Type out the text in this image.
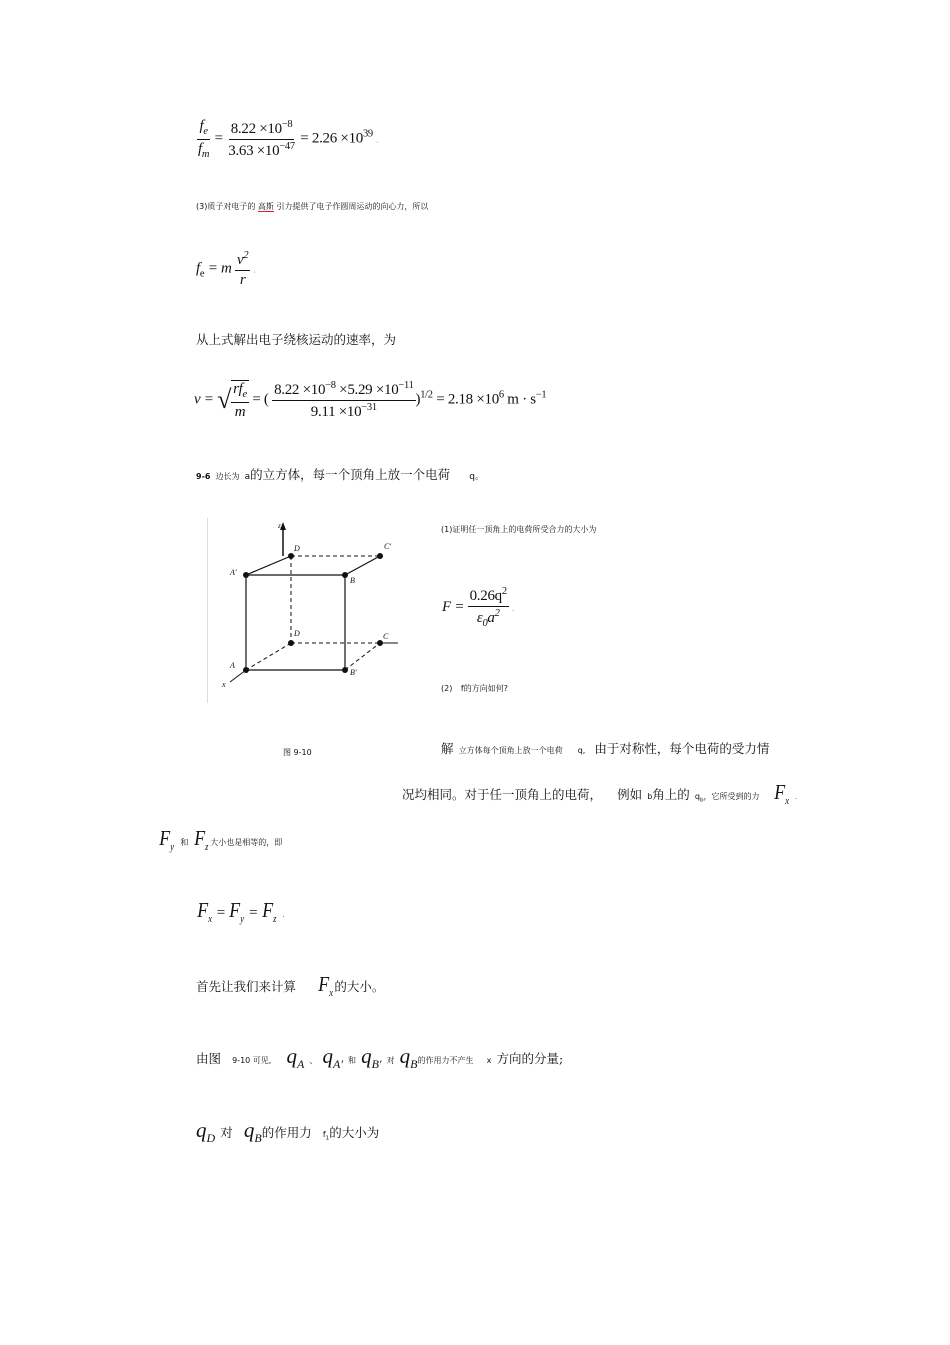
$\frac{f_e}{f_m} = \frac{8.22 \times 10^{-8}}{3.63 \times 10^{-47}} = 2.26 \times 10^{39}$ .
(3)质子对电子的 高斯 引力提供了电子作圆周运动的向心力，所以
$f_e = m \frac{v^2}{r}$ .
从上式解出电子绕核运动的速率，为
v = √ $\frac{rf_e}{m}$ = ( $\frac{8.22 \times 10^{-8} \times 5.29 \times 10^{-11}}{9.11 \times 10^{-31}} )^{1/2} = 2.18 \times 10^6$ $m \cdot s^{-1}$
9-6 边长为 a的立方体，每一个顶角上放一个电荷 q。
z
D	C'
A'
B
D	C
A
B'
x
图 9-10
(1)证明任一顶角上的电荷所受合力的大小为
$F = \frac{0.26q^2}{\varepsilon_0a^2}$ .
(2) f的方向如何?
解 立方体每个顶角上放一个电荷 q, 由于对称性，每个电荷的受力情
况均相同。对于任一顶角上的电荷， 例如 b角上的 $q_b$，它所受到的力 $F_x$ .
$F_y$ 和 $F_z$大小也是相等的，即
$F_x = F_y = F_z$ .
首先让我们来计算 $F_x$的大小。
由图 9-10 可见, $q_A$ 、 $q_{A'}$ 和 $q_{B'}$ 对 $q_B$的作用力不产生 x 方向的分量;
$q_D$ 对 $q_B$的作用力 $f_1$的大小为
